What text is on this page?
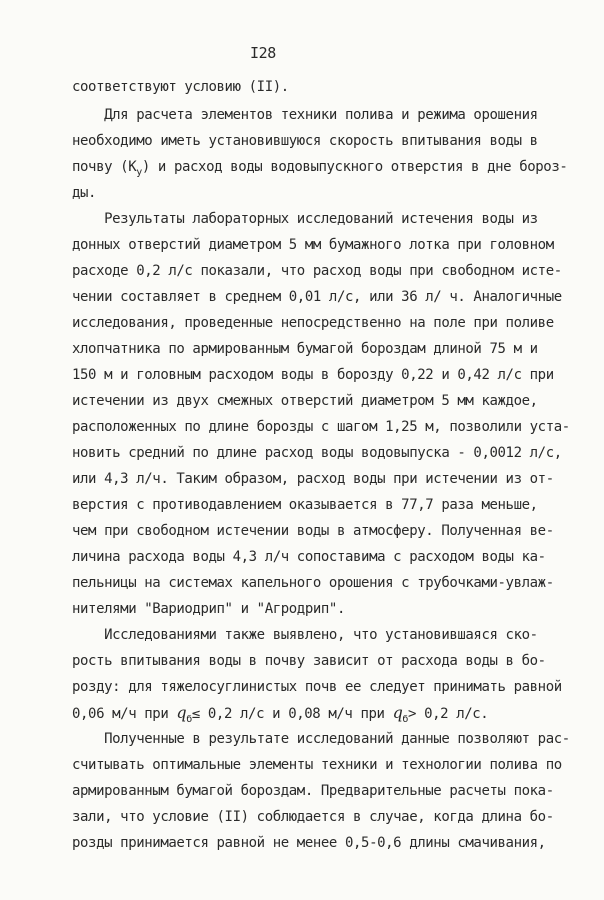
I28
соответствуют условию (II).
Для расчета элементов техники полива и режима орошения
необходимо иметь установившуюся скорость впитывания воды в
почву $(К_у)$ и расход воды водовыпускного отверстия в дне бороз-
ды.
Результаты лабораторных исследований истечения воды из
донных отверстий диаметром 5 мм бумажного лотка при головном
расходе 0,2 л/с показали, что расход воды при свободном исте-
чении составляет в среднем 0,01 л/с, или 36 л/ ч. Аналогичные
исследования, проведенные непосредственно на поле при поливе
хлопчатника по армированным бумагой бороздам длиной 75 м и
150 м и головным расходом воды в борозду 0,22 и 0,42 л/с при
истечении из двух смежных отверстий диаметром 5 мм каждое,
расположенных по длине борозды с шагом 1,25 м, позволили уста-
новить средний по длине расход воды водовыпуска - 0,0012 л/с,
или 4,3 л/ч. Таким образом, расход воды при истечении из от-
верстия с противодавлением оказывается в 77,7 раза меньше,
чем при свободном истечении воды в атмосферу. Полученная ве-
личина расхода воды 4,3 л/ч сопоставима с расходом воды ка-
пельницы на системах капельного орошения с трубочками-увлаж-
нителями "Вариодрип" и "Агродрип".
Исследованиями также выявлено, что установившаяся ско-
рость впитывания воды в почву зависит от расхода воды в бо-
розду: для тяжелосуглинистых почв ее следует принимать равной
0,06 м/ч при $q_б\le 0,2$ л/с и 0,08 м/ч при $q_б> 0,2$ л/с.
Полученные в результате исследований данные позволяют рас-
считывать оптимальные элементы техники и технологии полива по
армированным бумагой бороздам. Предварительные расчеты пока-
зали, что условие (II) соблюдается в случае, когда длина бо-
розды принимается равной не менее 0,5-0,6 длины смачивания,
